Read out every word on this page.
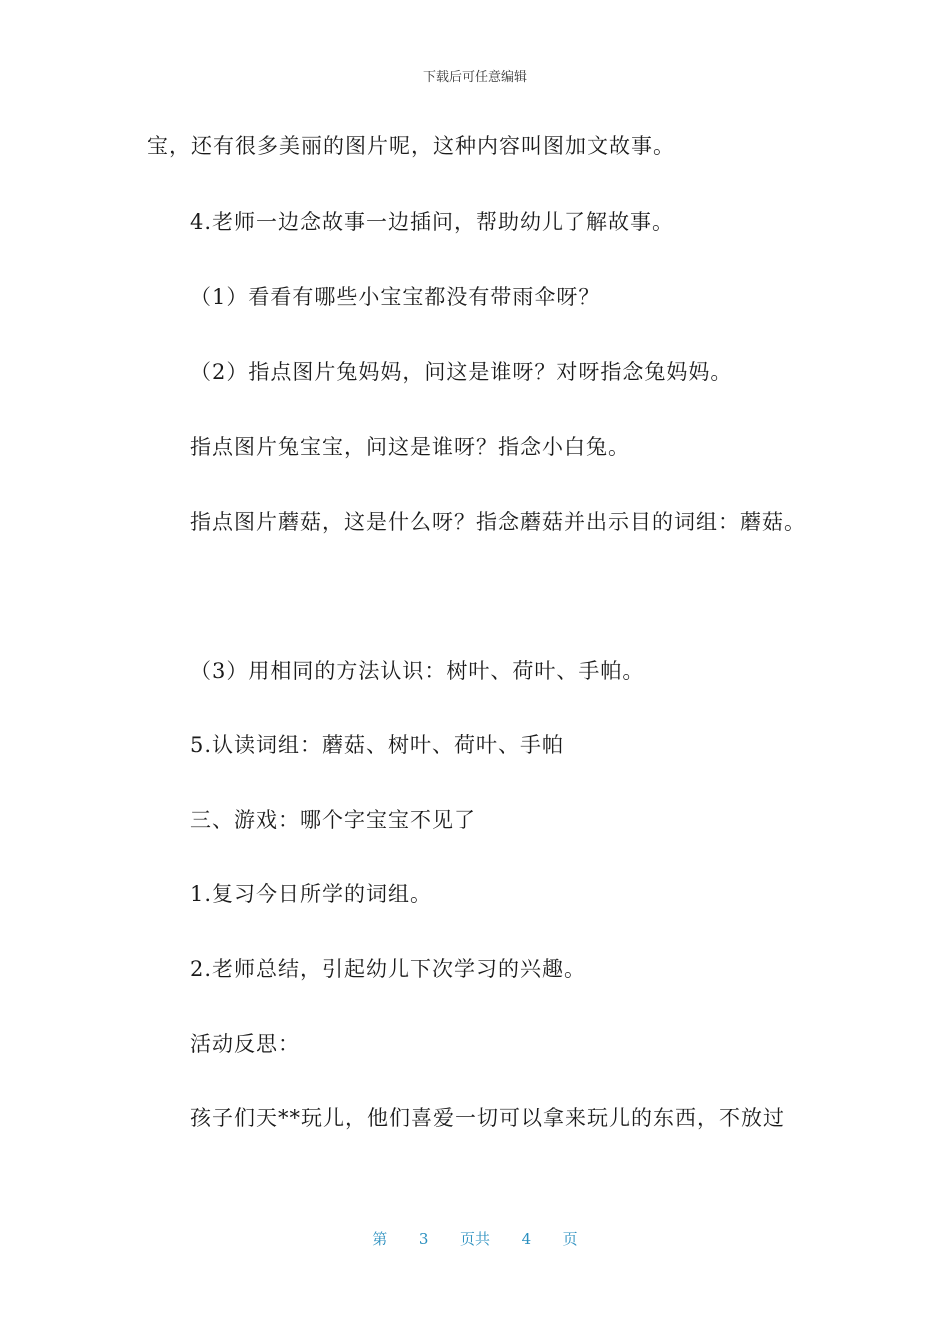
下载后可任意编辑
宝，还有很多美丽的图片呢，这种内容叫图加文故事。
4.老师一边念故事一边插问，帮助幼儿了解故事。
（1）看看有哪些小宝宝都没有带雨伞呀？
（2）指点图片兔妈妈，问这是谁呀？对呀指念兔妈妈。
指点图片兔宝宝，问这是谁呀？指念小白兔。
指点图片蘑菇，这是什么呀？指念蘑菇并出示目的词组：蘑菇。
（3）用相同的方法认识：树叶、荷叶、手帕。
5.认读词组：蘑菇、树叶、荷叶、手帕
三、游戏：哪个字宝宝不见了
1.复习今日所学的词组。
2.老师总结，引起幼儿下次学习的兴趣。
活动反思：
孩子们天**玩儿，他们喜爱一切可以拿来玩儿的东西，不放过
第 3 页共 4 页
